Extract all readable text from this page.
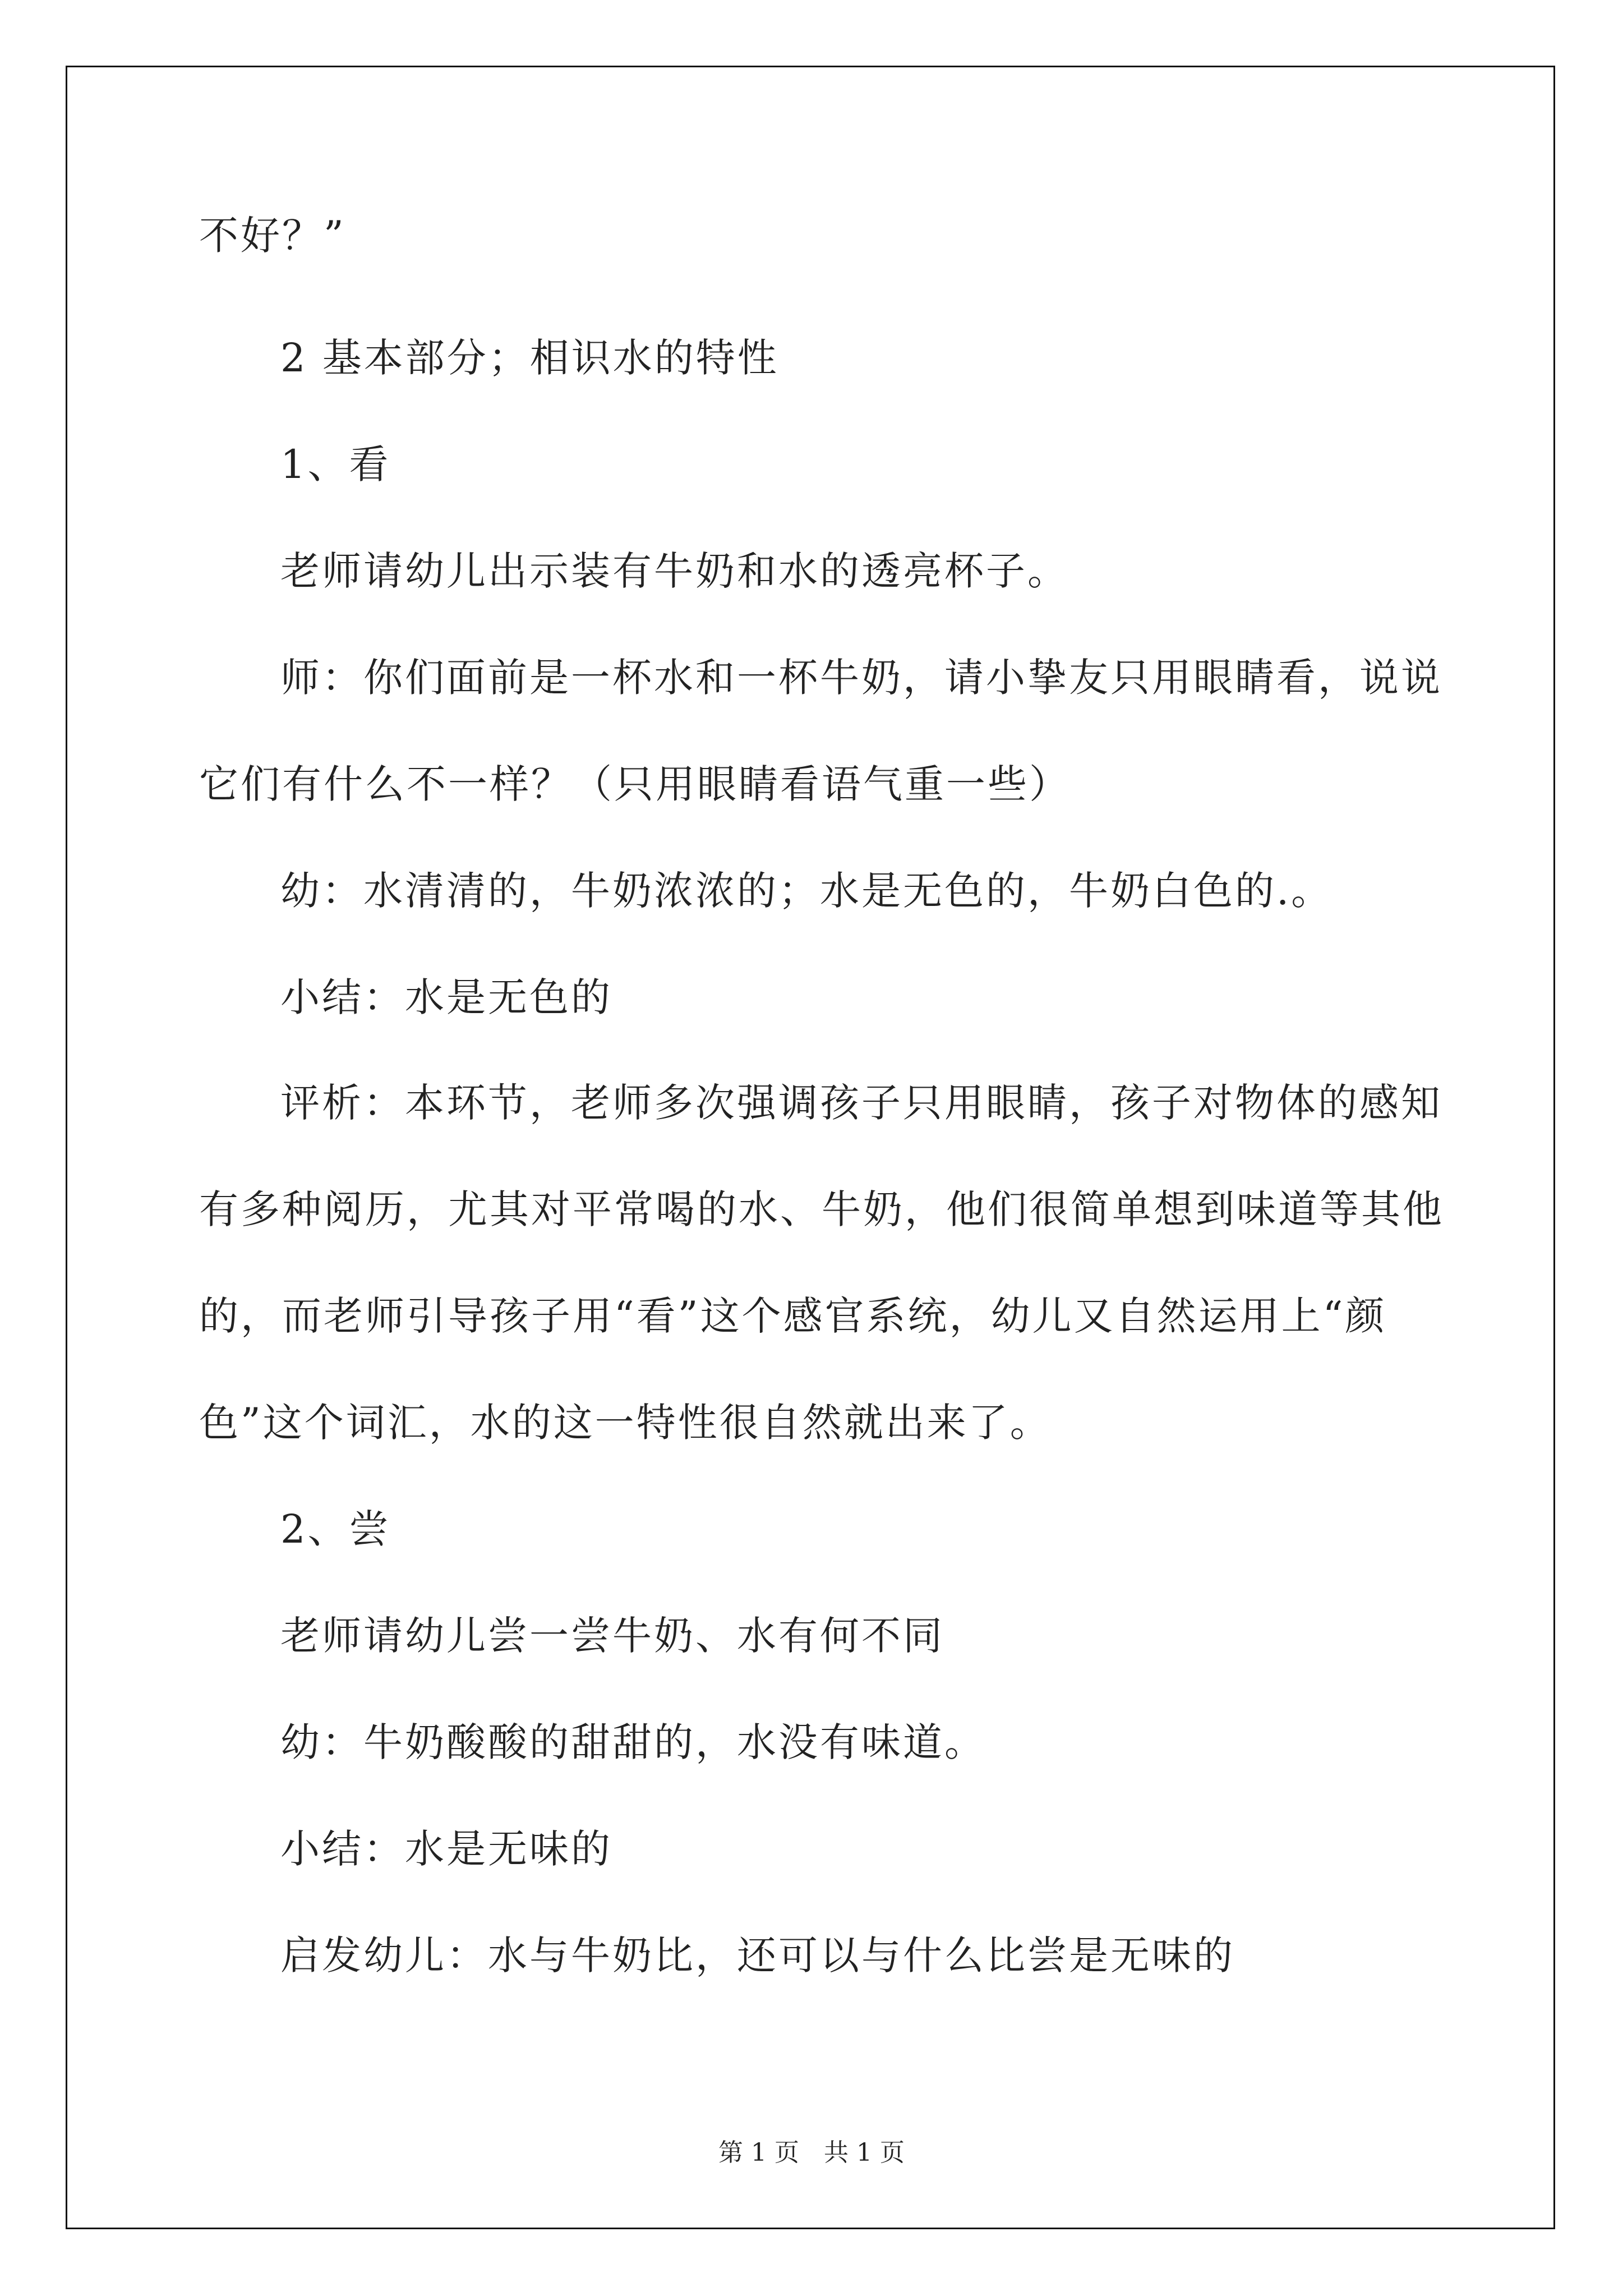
不好？”
2 基本部分；相识水的特性
1、看
老师请幼儿出示装有牛奶和水的透亮杯子。
师：你们面前是一杯水和一杯牛奶，请小挚友只用眼睛看，说说
它们有什么不一样？（只用眼睛看语气重一些）
幼：水清清的，牛奶浓浓的；水是无色的，牛奶白色的.。
小结：水是无色的
评析：本环节，老师多次强调孩子只用眼睛，孩子对物体的感知
有多种阅历，尤其对平常喝的水、牛奶，他们很简单想到味道等其他
的，而老师引导孩子用“看”这个感官系统，幼儿又自然运用上“颜
色”这个词汇，水的这一特性很自然就出来了。
2、尝
老师请幼儿尝一尝牛奶、水有何不同
幼：牛奶酸酸的甜甜的，水没有味道。
小结：水是无味的
启发幼儿：水与牛奶比，还可以与什么比尝是无味的
第 1 页　共 1 页
